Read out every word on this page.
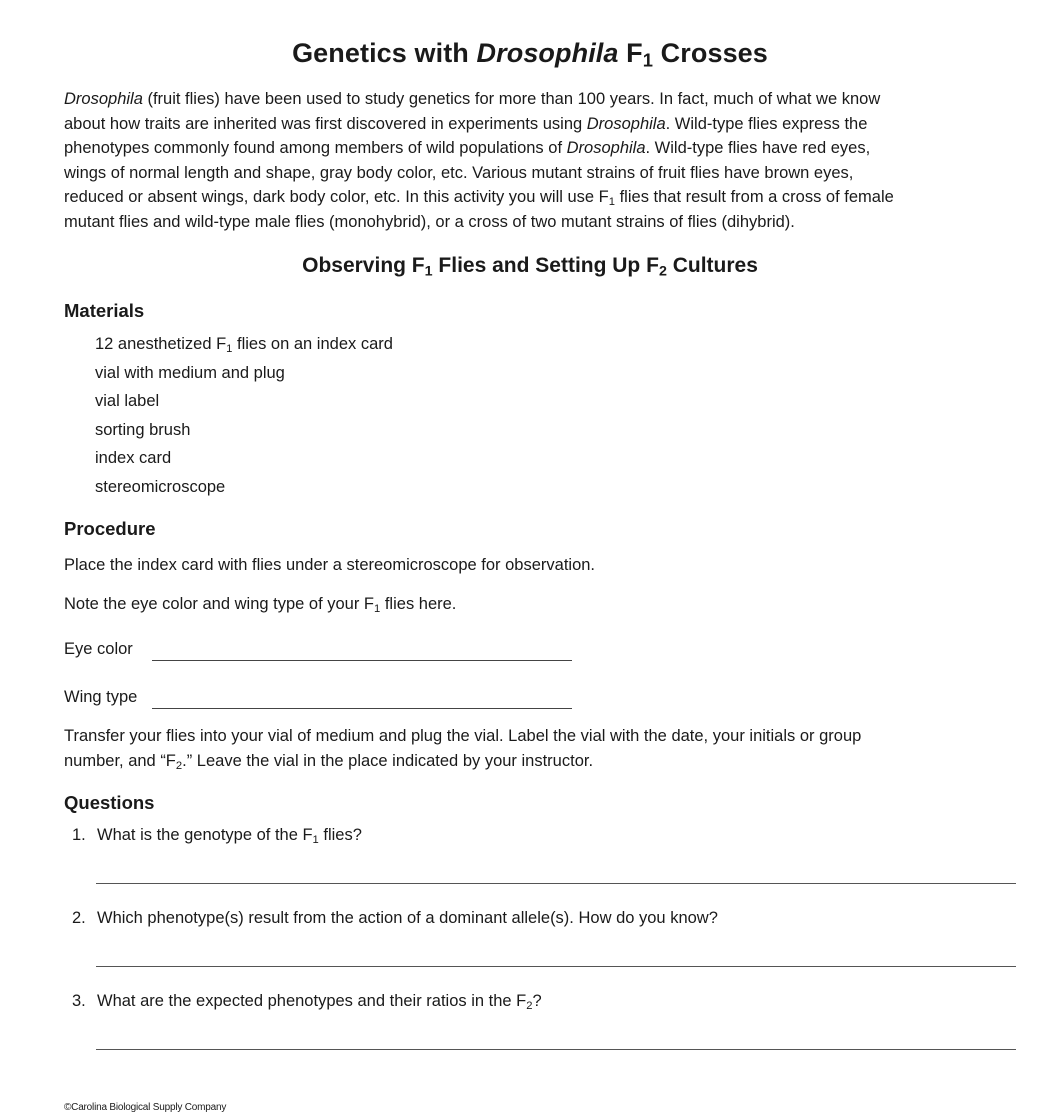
Genetics with Drosophila $F_1$ Crosses

Drosophila (fruit flies) have been used to study genetics for more than 100 years. In fact, much of what we know
about how traits are inherited was first discovered in experiments using Drosophila. Wild-type flies express the
phenotypes commonly found among members of wild populations of Drosophila. Wild-type flies have red eyes,
wings of normal length and shape, gray body color, etc. Various mutant strains of fruit flies have brown eyes,
reduced or absent wings, dark body color, etc. In this activity you will use $F_1$ flies that result from a cross of female
mutant flies and wild-type male flies (monohybrid), or a cross of two mutant strains of flies (dihybrid).

Observing $F_1$ Flies and Setting Up $F_2$ Cultures
Materials
12 anesthetized $F_1$ flies on an index card
vial with medium and plug
vial label
sorting brush
index card
stereomicroscope
Procedure

Place the index card with flies under a stereomicroscope for observation.

Note the eye color and wing type of your $F_1$ flies here.

Eye color
Wing type

Transfer your flies into your vial of medium and plug the vial. Label the vial with the date, your initials or group
number, and “$F_2$.” Leave the vial in the place indicated by your instructor.

Questions

1. What is the genotype of the $F_1$ flies?

2. Which phenotype(s) result from the action of a dominant allele(s). How do you know?

3. What are the expected phenotypes and their ratios in the $F_2$?

©Carolina Biological Supply Company
